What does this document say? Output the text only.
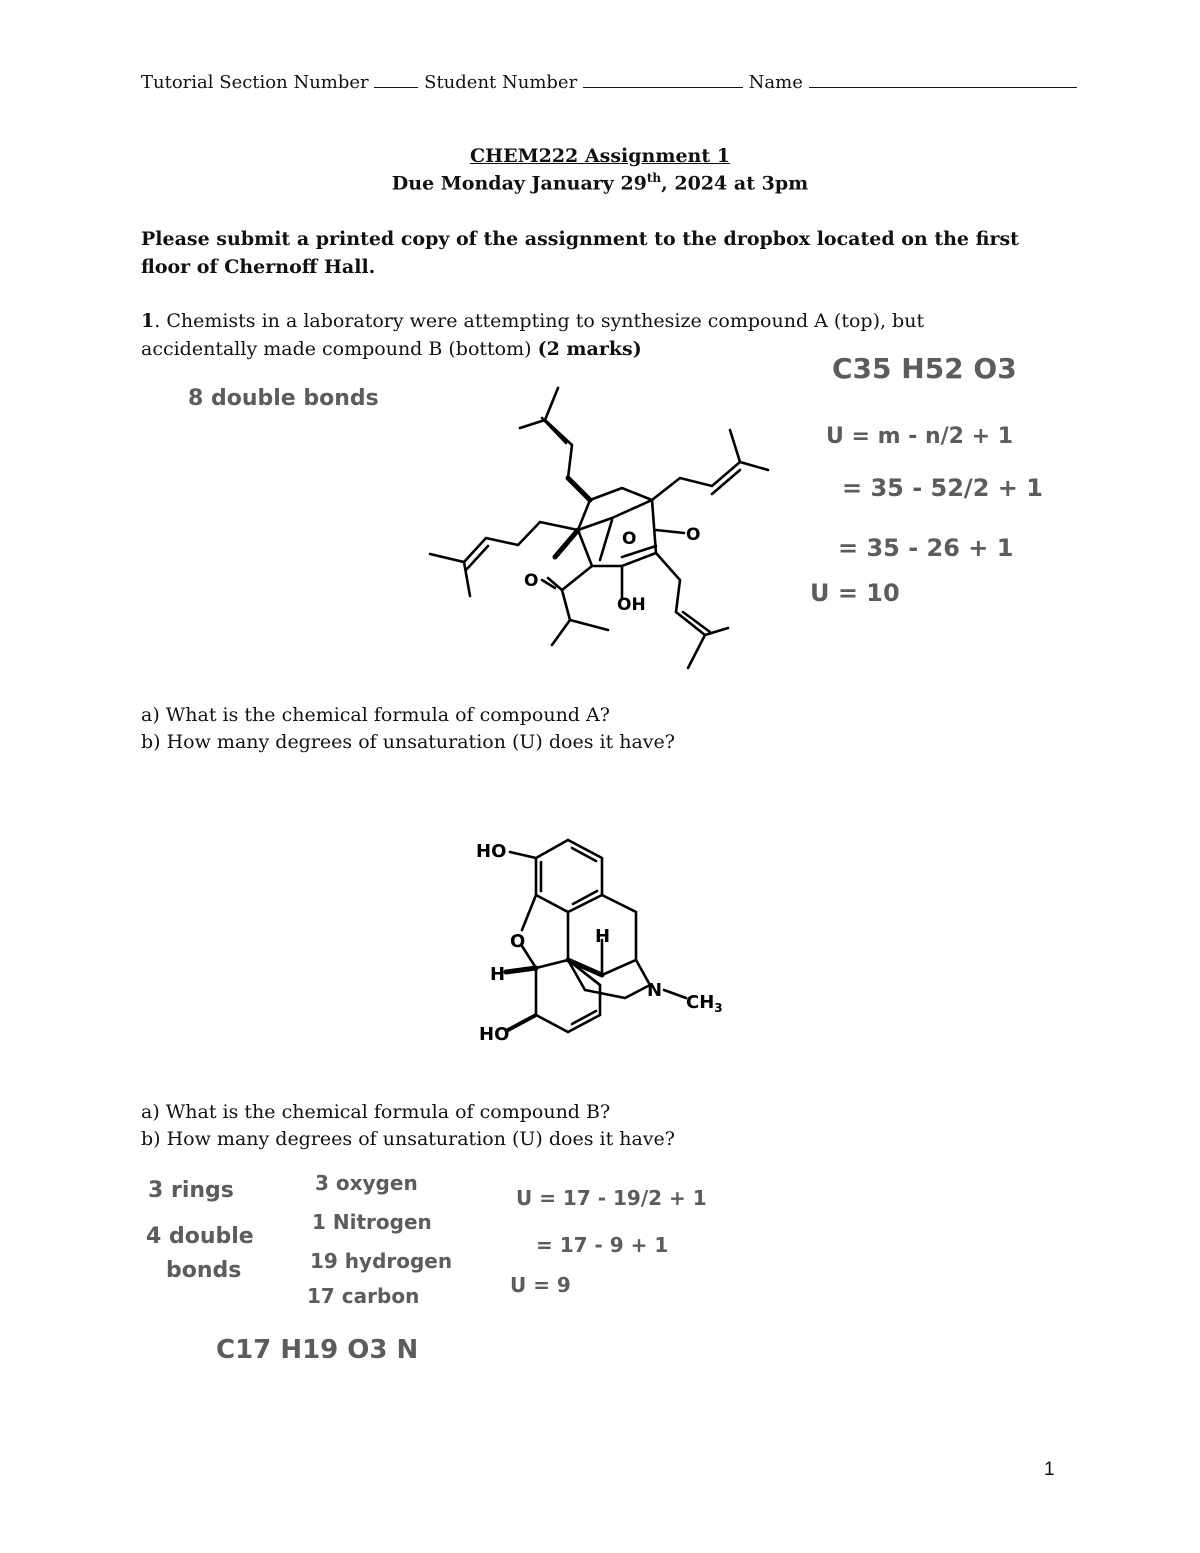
Tutorial Section Number	Student Number	Name
CHEM222 Assignment 1
Due Monday January 29th, 2024 at 3pm
Please submit a printed copy of the assignment to the dropbox located on the first floor of Chernoff Hall.
1. Chemists in a laboratory were attempting to synthesize compound A (top), but accidentally made compound B (bottom) (2 marks)
O
O
O
OH
8 double bonds
C35 H52 O3
U = m - n/2 + 1
= 35 - 52/2 + 1
= 35 - 26 + 1
U = 10
a) What is the chemical formula of compound A?
b) How many degrees of unsaturation (U) does it have?
HO
O
H
H
N
$CH_3$
HO
a) What is the chemical formula of compound B?
b) How many degrees of unsaturation (U) does it have?
3 rings
4 double
bonds
3 oxygen
1 Nitrogen
19 hydrogen
17 carbon
C17 H19 O3 N
U = 17 - 19/2 + 1
= 17 - 9 + 1
U = 9
1
